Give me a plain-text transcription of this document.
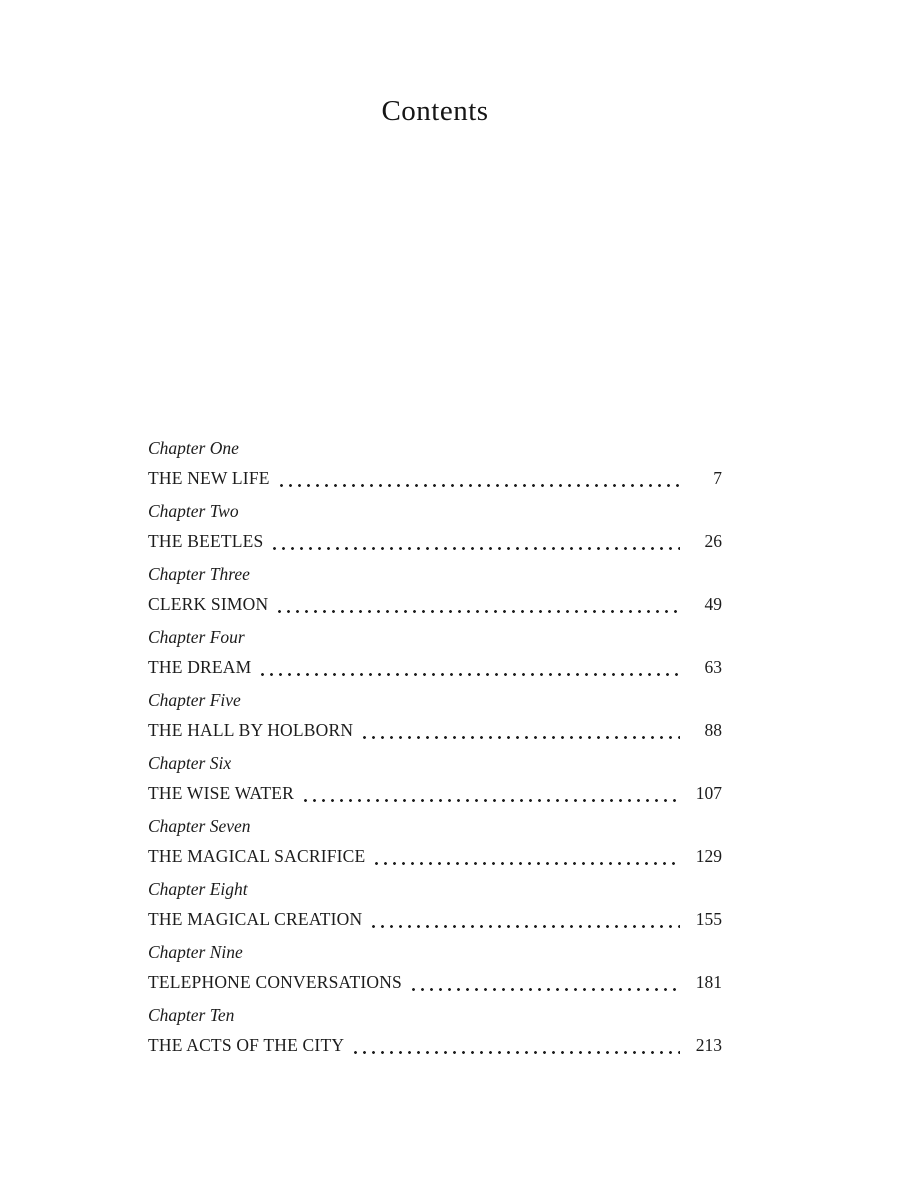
Contents
Chapter One
THE NEW LIFE	7
Chapter Two
THE BEETLES	26
Chapter Three
CLERK SIMON	49
Chapter Four
THE DREAM	63
Chapter Five
THE HALL BY HOLBORN	88
Chapter Six
THE WISE WATER	107
Chapter Seven
THE MAGICAL SACRIFICE	129
Chapter Eight
THE MAGICAL CREATION	155
Chapter Nine
TELEPHONE CONVERSATIONS	181
Chapter Ten
THE ACTS OF THE CITY	213
